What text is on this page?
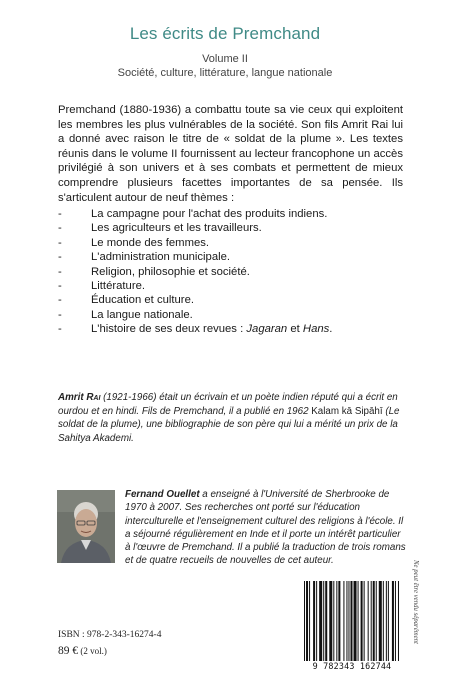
Les écrits de Premchand
Volume II
Société, culture, littérature, langue nationale

Premchand (1880-1936) a combattu toute sa vie ceux qui exploitent les membres les plus vulnérables de la société. Son fils Amrit Rai lui a donné avec raison le titre de « soldat de la plume ». Les textes réunis dans le volume II fournissent au lecteur francophone un accès privilégié à son univers et à ses combats et permettent de mieux comprendre plusieurs facettes importantes de sa pensée. Ils s'articulent autour de neuf thèmes :

-	La campagne pour l'achat des produits indiens.
-	Les agriculteurs et les travailleurs.
-	Le monde des femmes.
-	L'administration municipale.
-	Religion, philosophie et société.
-	Littérature.
-	Éducation et culture.
-	La langue nationale.
-	L'histoire de ses deux revues : Jagaran et Hans.

Amrit Rai (1921-1966) était un écrivain et un poète indien réputé qui a écrit en ourdou et en hindi. Fils de Premchand, il a publié en 1962 Kalam kā Sipāhī (Le soldat de la plume), une bibliographie de son père qui lui a mérité un prix de la Sahitya Akademi.

Fernand Ouellet a enseigné à l'Université de Sherbrooke de 1970 à 2007. Ses recherches ont porté sur l'éducation interculturelle et l'enseignement culturel des religions à l'école. Il a séjourné régulièrement en Inde et il porte un intérêt particulier à l'œuvre de Premchand. Il a publié la traduction de trois romans et de quatre recueils de nouvelles de cet auteur.

ISBN : 978-2-343-16274-4
89 € (2 vol.)
9 782343 162744
Ne peut être vendu séparément
